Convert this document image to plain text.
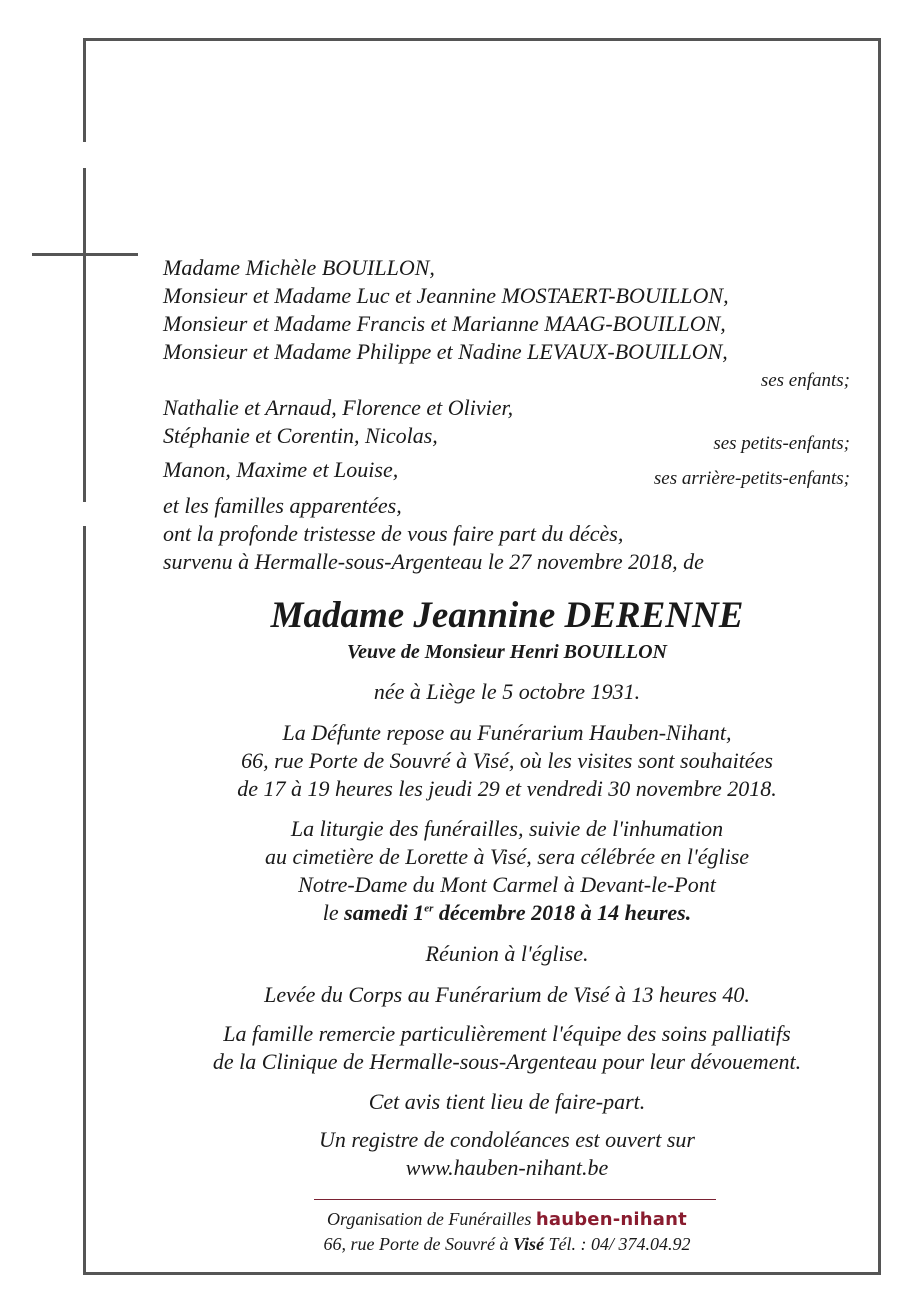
Madame Michèle BOUILLON,
Monsieur et Madame Luc et Jeannine MOSTAERT-BOUILLON,
Monsieur et Madame Francis et Marianne MAAG-BOUILLON,
Monsieur et Madame Philippe et Nadine LEVAUX-BOUILLON,
ses enfants;
Nathalie et Arnaud, Florence et Olivier,
Stéphanie et Corentin, Nicolas,	ses petits-enfants;
Manon, Maxime et Louise,	ses arrière-petits-enfants;
et les familles apparentées,
ont la profonde tristesse de vous faire part du décès,
survenu à Hermalle-sous-Argenteau le 27 novembre 2018, de
Madame Jeannine DERENNE
Veuve de Monsieur Henri BOUILLON
née à Liège le 5 octobre 1931.
La Défunte repose au Funérarium Hauben-Nihant,
66, rue Porte de Souvré à Visé, où les visites sont souhaitées
de 17 à 19 heures les jeudi 29 et vendredi 30 novembre 2018.
La liturgie des funérailles, suivie de l'inhumation
au cimetière de Lorette à Visé, sera célébrée en l'église
Notre-Dame du Mont Carmel à Devant-le-Pont
le samedi 1er décembre 2018 à 14 heures.
Réunion à l'église.
Levée du Corps au Funérarium de Visé à 13 heures 40.
La famille remercie particulièrement l'équipe des soins palliatifs
de la Clinique de Hermalle-sous-Argenteau pour leur dévouement.
Cet avis tient lieu de faire-part.
Un registre de condoléances est ouvert sur
www.hauben-nihant.be
Organisation de Funérailles hauben-nihant
66, rue Porte de Souvré à Visé Tél. : 04/ 374.04.92
